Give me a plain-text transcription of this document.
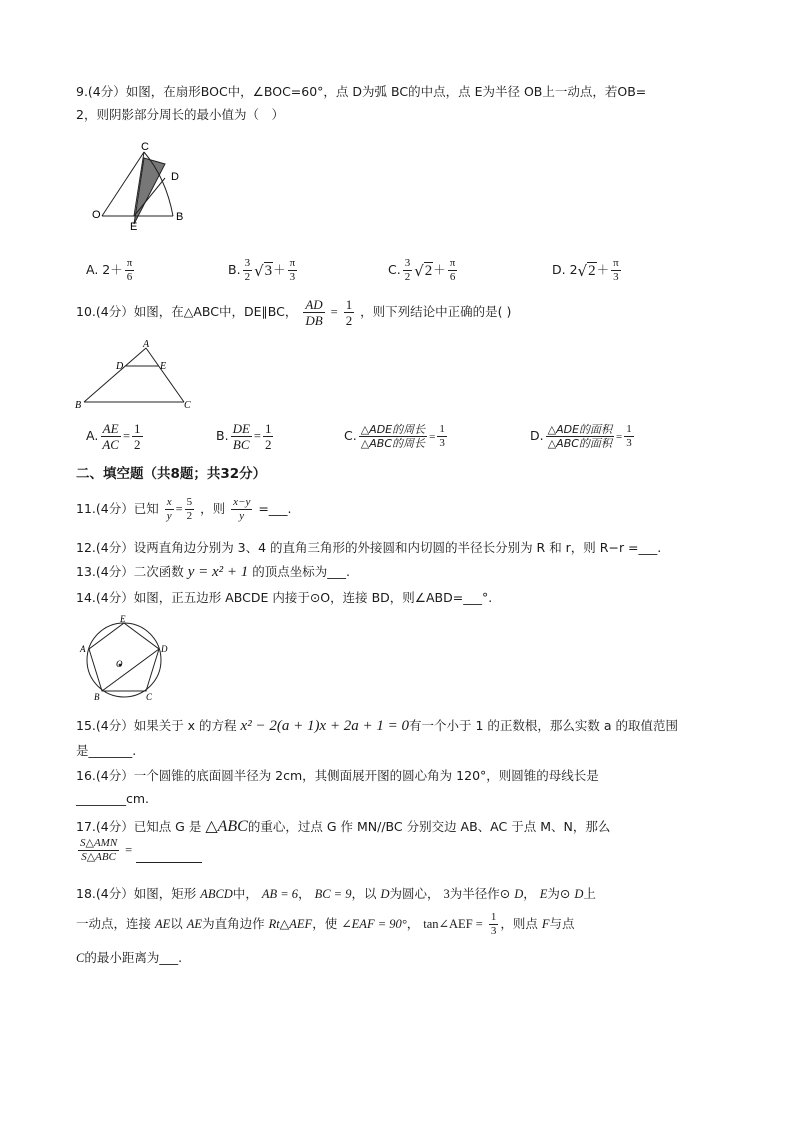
9.(4分）如图，在扇形BOC中，∠BOC=60°，点 D为弧 BC的中点，点 E为半径 OB上一动点，若OB=
2，则阴影部分周长的最小值为（　）
C
D
O
E
B
A. $2+ \frac{\pi}{6}$	B. $\frac{3}{2}$ √ $3 + \frac{\pi}{3}$	C. $\frac{3}{2}$ √ $2 + \frac{\pi}{6}$	D. 2√ $2 + \frac{\pi}{3}$
10.(4分）如图，在△ABC中，DE∥BC， $\frac{AD}{DB} = \frac{1}{2}$ ，则下列结论中正确的是( )
A
D	E
B	C
A. $\frac{AE}{AC} = \frac{1}{2}$	B. $\frac{DE}{BC} = \frac{1}{2}$	C. $\frac{\text{△ADE的周长}}{\text{△ABC的周长}} = \frac{1}{3}$	D. $\frac{\text{△ADE的面积}}{\text{△ABC的面积}} = \frac{1}{3}$
二、填空题（共8题；共32分）
11.(4分）已知 $\frac{x}{y} = \frac{5}{2}$ ，则 $\frac{x-y}{y}$ =___.
12.(4分）设两直角边分别为 3、4 的直角三角形的外接圆和内切圆的半径长分别为 R 和 r，则 R−r =___.
13.(4分）二次函数 y = x² + 1 的顶点坐标为___.
14.(4分）如图，正五边形 ABCDE 内接于⊙O，连接 BD，则∠ABD=___°.
E
A	D
O
B	C
15.(4分）如果关于 x 的方程 x² − 2(a + 1)x + 2a + 1 = 0有一个小于 1 的正数根，那么实数 a 的取值范围
是_______.
16.(4分）一个圆锥的底面圆半径为 2cm，其侧面展开图的圆心角为 120°，则圆锥的母线长是
________cm.
17.(4分）已知点 G 是 △ABC的重心，过点 G 作 MN//BC 分别交边 AB、AC 于点 M、N，那么
$\frac{\text{S△AMN}}{\text{S△ABC}}$ =
18.(4分）如图，矩形 ABCD中， AB = 6， BC = 9，以 D为圆心， 3为半径作⊙ D， E为⊙ D上
一动点，连接 AE以 AE为直角边作 Rt△AEF，使 ∠EAF = 90°， tan∠AEF = $\frac{1}{3}$ ，则点 F与点
C的最小距离为___.
